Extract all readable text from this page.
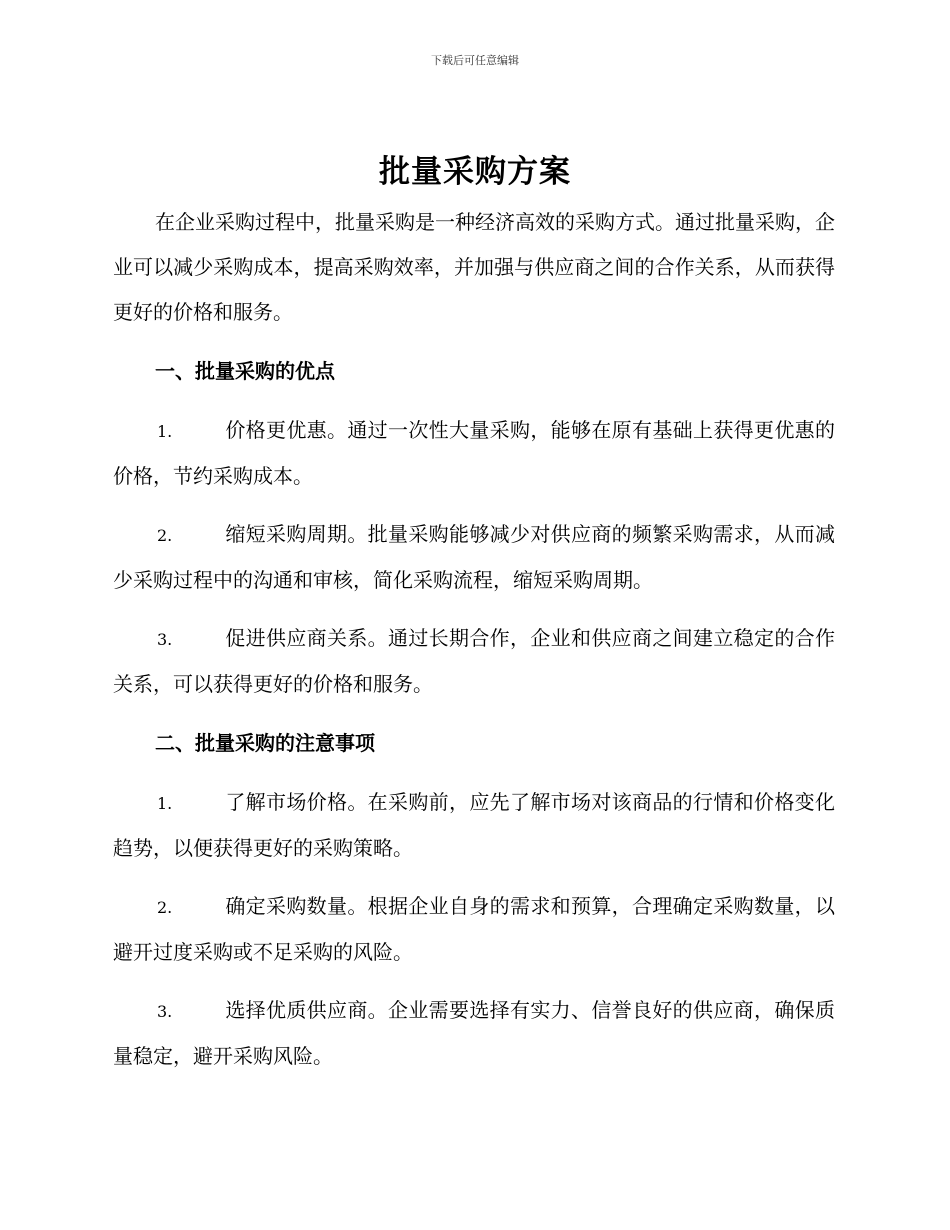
下载后可任意编辑
批量采购方案

在企业采购过程中，批量采购是一种经济高效的采购方式。通过批量采购，企业可以减少采购成本，提高采购效率，并加强与供应商之间的合作关系，从而获得更好的价格和服务。

一、批量采购的优点

1.	价格更优惠。通过一次性大量采购，能够在原有基础上获得更优惠的价格，节约采购成本。

2.	缩短采购周期。批量采购能够减少对供应商的频繁采购需求，从而减少采购过程中的沟通和审核，简化采购流程，缩短采购周期。

3.	促进供应商关系。通过长期合作，企业和供应商之间建立稳定的合作关系，可以获得更好的价格和服务。

二、批量采购的注意事项

1.	了解市场价格。在采购前，应先了解市场对该商品的行情和价格变化趋势，以便获得更好的采购策略。

2.	确定采购数量。根据企业自身的需求和预算，合理确定采购数量，以避开过度采购或不足采购的风险。

3.	选择优质供应商。企业需要选择有实力、信誉良好的供应商，确保质量稳定，避开采购风险。
